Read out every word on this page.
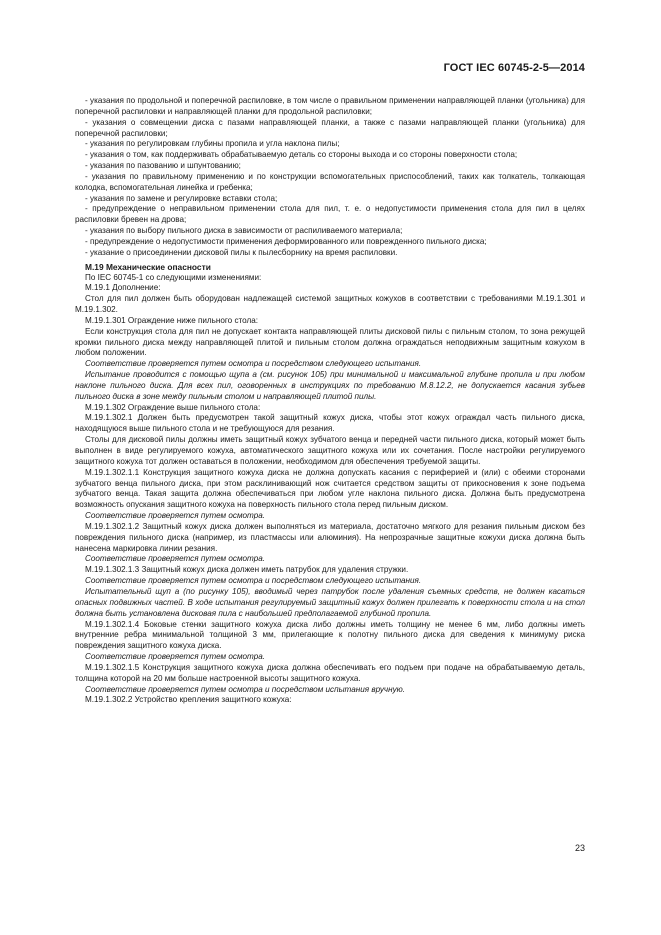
ГОСТ IEC 60745-2-5—2014

- указания по продольной и поперечной распиловке, в том числе о правильном применении направляющей планки (угольника) для поперечной распиловки и направляющей планки для продольной распиловки;

- указания о совмещении диска с пазами направляющей планки, а также с пазами направляющей планки (угольника) для поперечной распиловки;

- указания по регулировкам глубины пропила и угла наклона пилы;

- указания о том, как поддерживать обрабатываемую деталь со стороны выхода и со стороны поверхности стола;

- указания по пазованию и шпунтованию;

- указания по правильному применению и по конструкции вспомогательных приспособлений, таких как толкатель, толкающая колодка, вспомогательная линейка и гребенка;

- указания по замене и регулировке вставки стола;

- предупреждение о неправильном применении стола для пил, т. е. о недопустимости применения стола для пил в целях распиловки бревен на дрова;

- указания по выбору пильного диска в зависимости от распиливаемого материала;

- предупреждение о недопустимости применения деформированного или поврежденного пильного диска;

- указание о присоединении дисковой пилы к пылесборнику на время распиловки.

М.19 Механические опасности

По IEC 60745-1 со следующими изменениями:

М.19.1 Дополнение:

Стол для пил должен быть оборудован надлежащей системой защитных кожухов в соответствии с требованиями М.19.1.301 и М.19.1.302.

М.19.1.301 Ограждение ниже пильного стола:

Если конструкция стола для пил не допускает контакта направляющей плиты дисковой пилы с пильным столом, то зона режущей кромки пильного диска между направляющей плитой и пильным столом должна ограждаться неподвижным защитным кожухом в любом положении.

Соответствие проверяется путем осмотра и посредством следующего испытания.

Испытание проводится с помощью щупа a (см. рисунок 105) при минимальной и максимальной глубине пропила и при любом наклоне пильного диска. Для всех пил, оговоренных в инструкциях по требованию М.8.12.2, не допускается касания зубьев пильного диска в зоне между пильным столом и направляющей плитой пилы.

М.19.1.302 Ограждение выше пильного стола:

М.19.1.302.1 Должен быть предусмотрен такой защитный кожух диска, чтобы этот кожух ограждал часть пильного диска, находящуюся выше пильного стола и не требующуюся для резания.

Столы для дисковой пилы должны иметь защитный кожух зубчатого венца и передней части пильного диска, который может быть выполнен в виде регулируемого кожуха, автоматического защитного кожуха или их сочетания. После настройки регулируемого защитного кожуха тот должен оставаться в положении, необходимом для обеспечения требуемой защиты.

М.19.1.302.1.1 Конструкция защитного кожуха диска не должна допускать касания с периферией и (или) с обеими сторонами зубчатого венца пильного диска, при этом расклинивающий нож считается средством защиты от прикосновения к зоне подъема зубчатого венца. Такая защита должна обеспечиваться при любом угле наклона пильного диска. Должна быть предусмотрена возможность опускания защитного кожуха на поверхность пильного стола перед пильным диском.

Соответствие проверяется путем осмотра.

М.19.1.302.1.2 Защитный кожух диска должен выполняться из материала, достаточно мягкого для резания пильным диском без повреждения пильного диска (например, из пластмассы или алюминия). На непрозрачные защитные кожухи диска должна быть нанесена маркировка линии резания.

Соответствие проверяется путем осмотра.

М.19.1.302.1.3 Защитный кожух диска должен иметь патрубок для удаления стружки.

Соответствие проверяется путем осмотра и посредством следующего испытания.

Испытательный щуп a (по рисунку 105), вводимый через патрубок после удаления съемных средств, не должен касаться опасных подвижных частей. В ходе испытания регулируемый защитный кожух должен прилегать к поверхности стола и на стол должна быть установлена дисковая пила с наибольшей предполагаемой глубиной пропила.

М.19.1.302.1.4 Боковые стенки защитного кожуха диска либо должны иметь толщину не менее 6 мм, либо должны иметь внутренние ребра минимальной толщиной 3 мм, прилегающие к полотну пильного диска для сведения к минимуму риска повреждения защитного кожуха диска.

Соответствие проверяется путем осмотра.

М.19.1.302.1.5 Конструкция защитного кожуха диска должна обеспечивать его подъем при подаче на обрабатываемую деталь, толщина которой на 20 мм больше настроенной высоты защитного кожуха.

Соответствие проверяется путем осмотра и посредством испытания вручную.

М.19.1.302.2 Устройство крепления защитного кожуха:

23
